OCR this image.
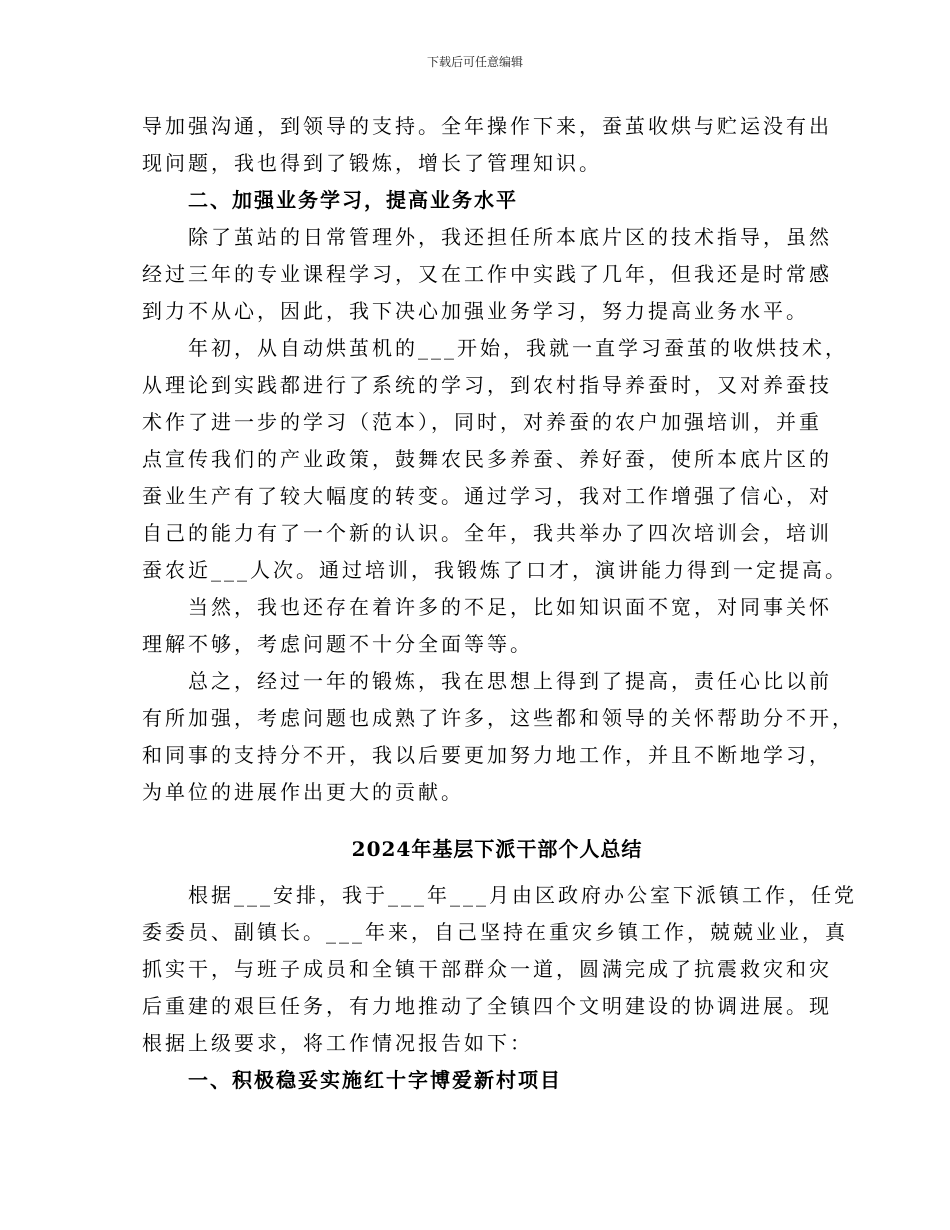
下载后可任意编辑
导加强沟通，到领导的支持。全年操作下来，蚕茧收烘与贮运没有出
现问题，我也得到了锻炼，增长了管理知识。
二、加强业务学习，提高业务水平
除了茧站的日常管理外，我还担任所本底片区的技术指导，虽然
经过三年的专业课程学习，又在工作中实践了几年，但我还是时常感
到力不从心，因此，我下决心加强业务学习，努力提高业务水平。
年初，从自动烘茧机的___开始，我就一直学习蚕茧的收烘技术，
从理论到实践都进行了系统的学习，到农村指导养蚕时，又对养蚕技
术作了进一步的学习（范本），同时，对养蚕的农户加强培训，并重
点宣传我们的产业政策，鼓舞农民多养蚕、养好蚕，使所本底片区的
蚕业生产有了较大幅度的转变。通过学习，我对工作增强了信心，对
自己的能力有了一个新的认识。全年，我共举办了四次培训会，培训
蚕农近___人次。通过培训，我锻炼了口才，演讲能力得到一定提高。
当然，我也还存在着许多的不足，比如知识面不宽，对同事关怀
理解不够，考虑问题不十分全面等等。
总之，经过一年的锻炼，我在思想上得到了提高，责任心比以前
有所加强，考虑问题也成熟了许多，这些都和领导的关怀帮助分不开，
和同事的支持分不开，我以后要更加努力地工作，并且不断地学习，
为单位的进展作出更大的贡献。
2024年基层下派干部个人总结
根据___安排，我于___年___月由区政府办公室下派镇工作，任党
委委员、副镇长。___年来，自己坚持在重灾乡镇工作，兢兢业业，真
抓实干，与班子成员和全镇干部群众一道，圆满完成了抗震救灾和灾
后重建的艰巨任务，有力地推动了全镇四个文明建设的协调进展。现
根据上级要求，将工作情况报告如下：
一、积极稳妥实施红十字博爱新村项目
